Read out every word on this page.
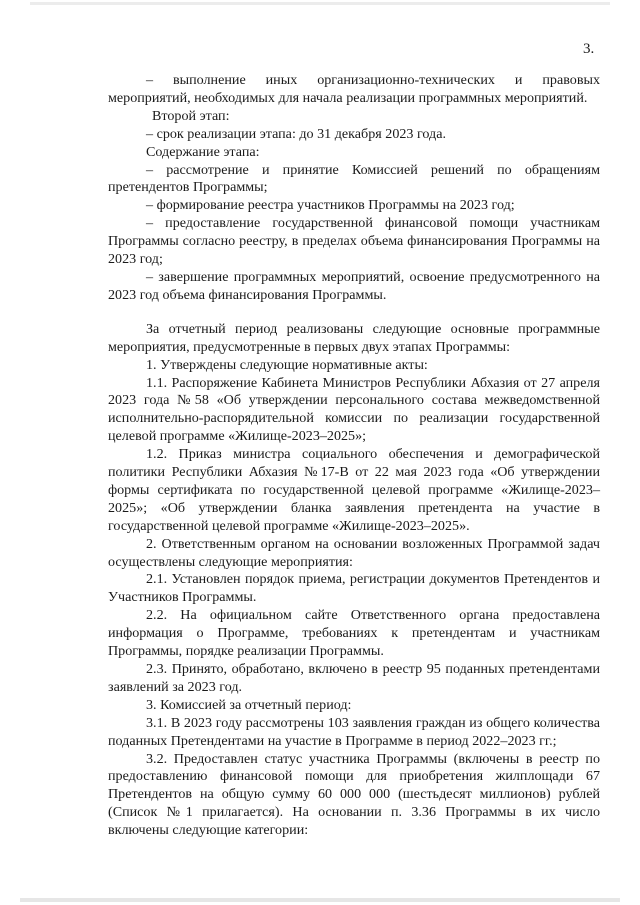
3.

– выполнение иных организационно-технических и правовых мероприятий, необходимых для начала реализации программных мероприятий.

Второй этап:

– срок реализации этапа: до 31 декабря 2023 года.

Содержание этапа:

– рассмотрение и принятие Комиссией решений по обращениям претендентов Программы;

– формирование реестра участников Программы на 2023 год;

– предоставление государственной финансовой помощи участникам Программы согласно реестру, в пределах объема финансирования Программы на 2023 год;

– завершение программных мероприятий, освоение предусмотренного на 2023 год объема финансирования Программы.

За отчетный период реализованы следующие основные программные мероприятия, предусмотренные в первых двух этапах Программы:

1. Утверждены следующие нормативные акты:

1.1. Распоряжение Кабинета Министров Республики Абхазия от 27 апреля 2023 года №58 «Об утверждении персонального состава межведомственной исполнительно-распорядительной комиссии по реализации государственной целевой программе «Жилище-2023–2025»;

1.2. Приказ министра социального обеспечения и демографической политики Республики Абхазия №17-В от 22 мая 2023 года «Об утверждении формы сертификата по государственной целевой программе «Жилище-2023–2025»; «Об утверждении бланка заявления претендента на участие в государственной целевой программе «Жилище-2023–2025».

2. Ответственным органом на основании возложенных Программой задач осуществлены следующие мероприятия:

2.1. Установлен порядок приема, регистрации документов Претендентов и Участников Программы.

2.2. На официальном сайте Ответственного органа предоставлена информация о Программе, требованиях к претендентам и участникам Программы, порядке реализации Программы.

2.3. Принято, обработано, включено в реестр 95 поданных претендентами заявлений за 2023 год.

3. Комиссией за отчетный период:

3.1. В 2023 году рассмотрены 103 заявления граждан из общего количества поданных Претендентами на участие в Программе в период 2022–2023 гг.;

3.2. Предоставлен статус участника Программы (включены в реестр по предоставлению финансовой помощи для приобретения жилплощади 67 Претендентов на общую сумму 60 000 000 (шестьдесят миллионов) рублей (Список №1 прилагается). На основании п. 3.36 Программы в их число включены следующие категории:
